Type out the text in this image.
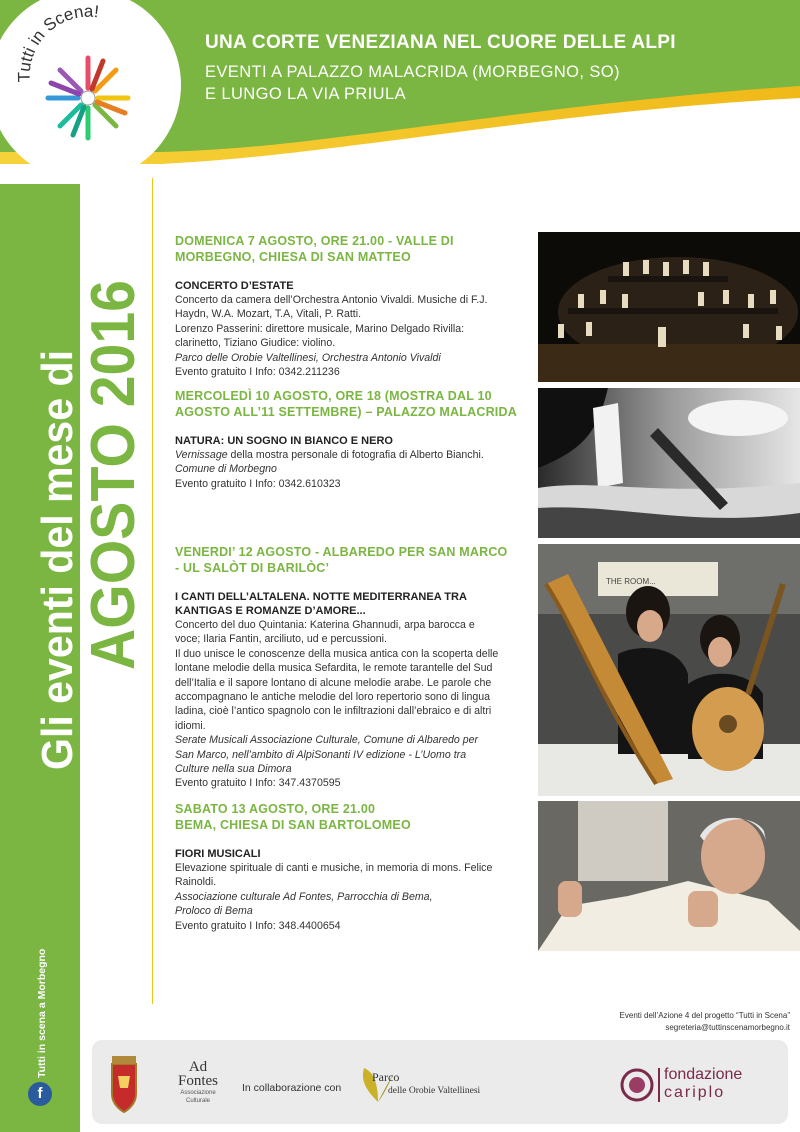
UNA CORTE VENEZIANA NEL CUORE DELLE ALPI

EVENTI A PALAZZO MALACRIDA (MORBEGNO, SO)

E LUNGO LA VIA PRIULA

Tutti in Scena!
Gli eventi del mese di
AGOSTO 2016
Tutti in scena a Morbegno
f

DOMENICA 7 AGOSTO, ORE 21.00 - VALLE DI
MORBEGNO, CHIESA DI SAN MATTEO

CONCERTO D’ESTATE

Concerto da camera dell’Orchestra Antonio Vivaldi. Musiche di F.J.

Haydn, W.A. Mozart, T.A, Vitali, P. Ratti.

Lorenzo Passerini: direttore musicale, Marino Delgado Rivilla:

clarinetto, Tiziano Giudice: violino.

Parco delle Orobie Valtellinesi, Orchestra Antonio Vivaldi

Evento gratuito I Info: 0342.211236

MERCOLEDÌ 10 AGOSTO, ORE 18 (MOSTRA DAL 10
AGOSTO ALL’11 SETTEMBRE) – PALAZZO MALACRIDA

NATURA: UN SOGNO IN BIANCO E NERO

Vernissage della mostra personale di fotografia di Alberto Bianchi.

Comune di Morbegno

Evento gratuito I Info: 0342.610323

VENERDI’ 12 AGOSTO - ALBAREDO PER SAN MARCO
- UL SALÒT DI BARILÒC’

I CANTI DELL’ALTALENA. NOTTE MEDITERRANEA TRA
KANTIGAS E ROMANZE D’AMORE...

Concerto del duo Quintania: Katerina Ghannudi, arpa barocca e

voce; Ilaria Fantin, arciliuto, ud e percussioni.

Il duo unisce le conoscenze della musica antica con la scoperta delle

lontane melodie della musica Sefardita, le remote tarantelle del Sud

dell’Italia e il sapore lontano di alcune melodie arabe. Le parole che

accompagnano le antiche melodie del loro repertorio sono di lingua

ladina, cioè l’antico spagnolo con le infiltrazioni dall’ebraico e di altri

idiomi.

Serate Musicali Associazione Culturale, Comune di Albaredo per

San Marco, nell’ambito di AlpiSonanti IV edizione - L’Uomo tra

Culture nella sua Dimora

Evento gratuito I Info: 347.4370595

SABATO 13 AGOSTO, ORE 21.00
BEMA, CHIESA DI SAN BARTOLOMEO

FIORI MUSICALI

Elevazione spirituale di canti e musiche, in memoria di mons. Felice

Rainoldi.

Associazione culturale Ad Fontes, Parrocchia di Bema,

Proloco di Bema

Evento gratuito I Info: 348.4400654

THE ROOM...
Eventi dell’Azione 4 del progetto “Tutti in Scena”
segreteria@tuttinscenamorbegno.it
Ad
Fontes
Associazione
Culturale
In collaborazione con
Parco
delle Orobie Valtellinesi
fondazione
cariplo
